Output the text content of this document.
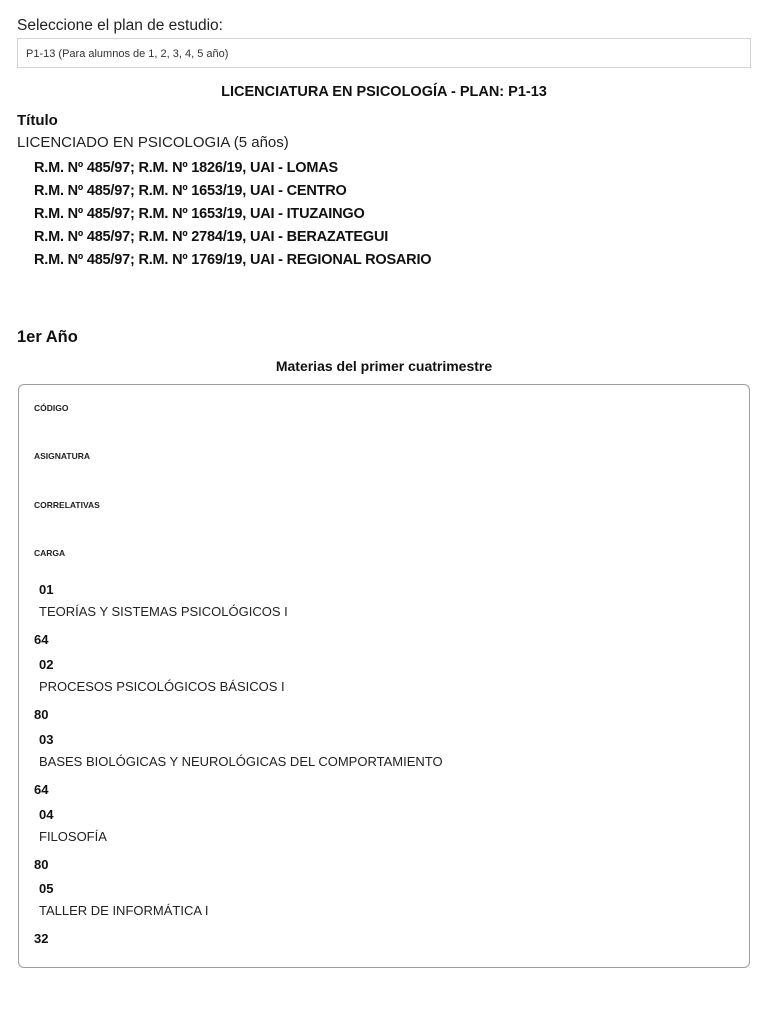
Seleccione el plan de estudio:
P1-13 (Para alumnos de 1, 2, 3, 4, 5 año)
LICENCIATURA EN PSICOLOGÍA - PLAN: P1-13
Título
LICENCIADO EN PSICOLOGIA (5 años)
R.M. Nº 485/97; R.M. Nº 1826/19, UAI - LOMAS
R.M. Nº 485/97; R.M. Nº 1653/19, UAI - CENTRO
R.M. Nº 485/97; R.M. Nº 1653/19, UAI - ITUZAINGO
R.M. Nº 485/97; R.M. Nº 2784/19, UAI - BERAZATEGUI
R.M. Nº 485/97; R.M. Nº 1769/19, UAI - REGIONAL ROSARIO
1er Año
Materias del primer cuatrimestre
CÓDIGO
ASIGNATURA
CORRELATIVAS
CARGA
01
TEORÍAS Y SISTEMAS PSICOLÓGICOS I
64
02
PROCESOS PSICOLÓGICOS BÁSICOS I
80
03
BASES BIOLÓGICAS Y NEUROLÓGICAS DEL COMPORTAMIENTO
64
04
FILOSOFÍA
80
05
TALLER DE INFORMÁTICA I
32
